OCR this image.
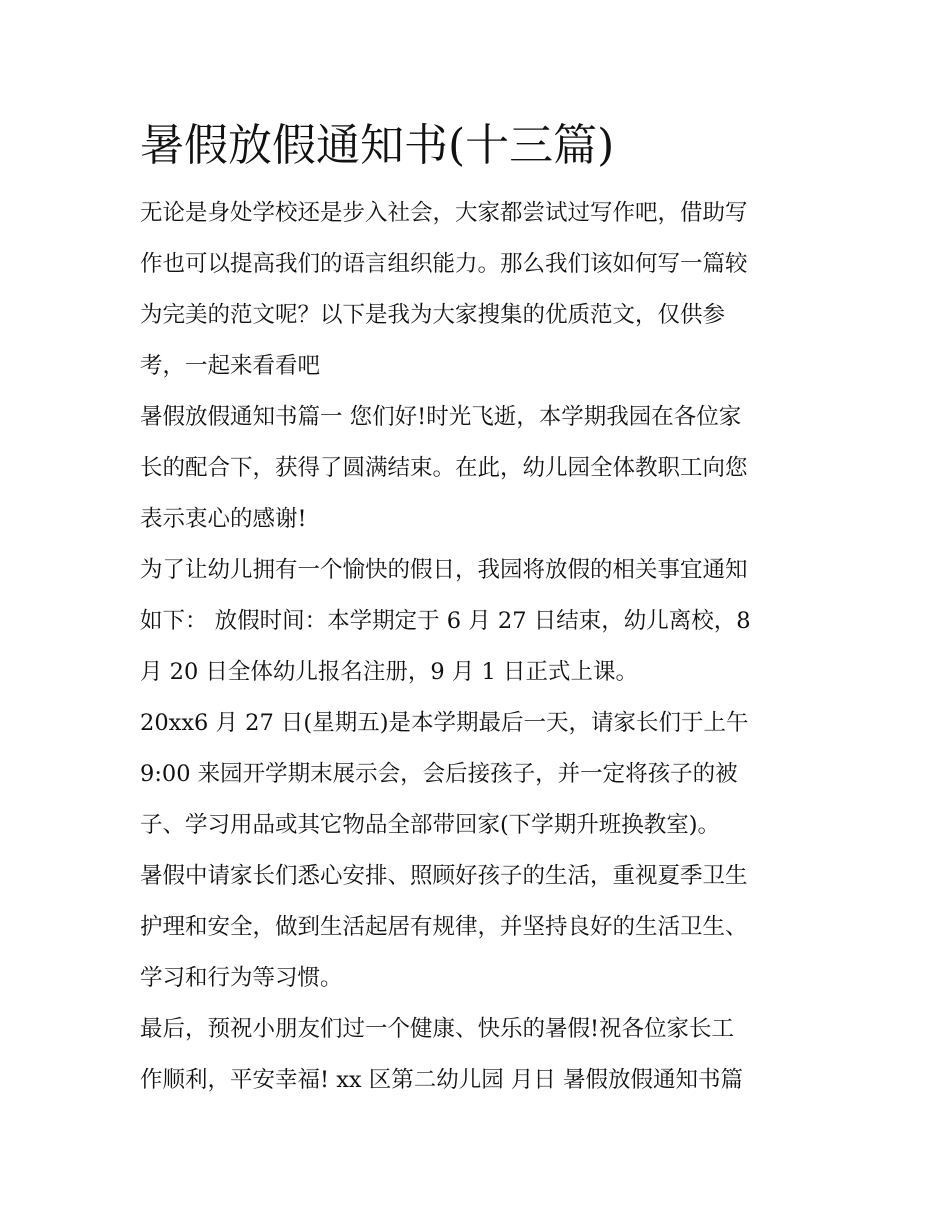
暑假放假通知书(十三篇)

无论是身处学校还是步入社会，大家都尝试过写作吧，借助写
作也可以提高我们的语言组织能力。那么我们该如何写一篇较
为完美的范文呢？以下是我为大家搜集的优质范文，仅供参
考，一起来看看吧

暑假放假通知书篇一 您们好!时光飞逝，本学期我园在各位家
长的配合下，获得了圆满结束。在此，幼儿园全体教职工向您
表示衷心的感谢!

为了让幼儿拥有一个愉快的假日，我园将放假的相关事宜通知
如下： 放假时间：本学期定于 6 月 27 日结束，幼儿离校，8
月 20 日全体幼儿报名注册，9 月 1 日正式上课。

20xx6 月 27 日(星期五)是本学期最后一天，请家长们于上午
9:00 来园开学期末展示会，会后接孩子，并一定将孩子的被
子、学习用品或其它物品全部带回家(下学期升班换教室)。

暑假中请家长们悉心安排、照顾好孩子的生活，重视夏季卫生
护理和安全，做到生活起居有规律，并坚持良好的生活卫生、
学习和行为等习惯。

最后，预祝小朋友们过一个健康、快乐的暑假!祝各位家长工
作顺利，平安幸福! xx 区第二幼儿园 月日 暑假放假通知书篇
